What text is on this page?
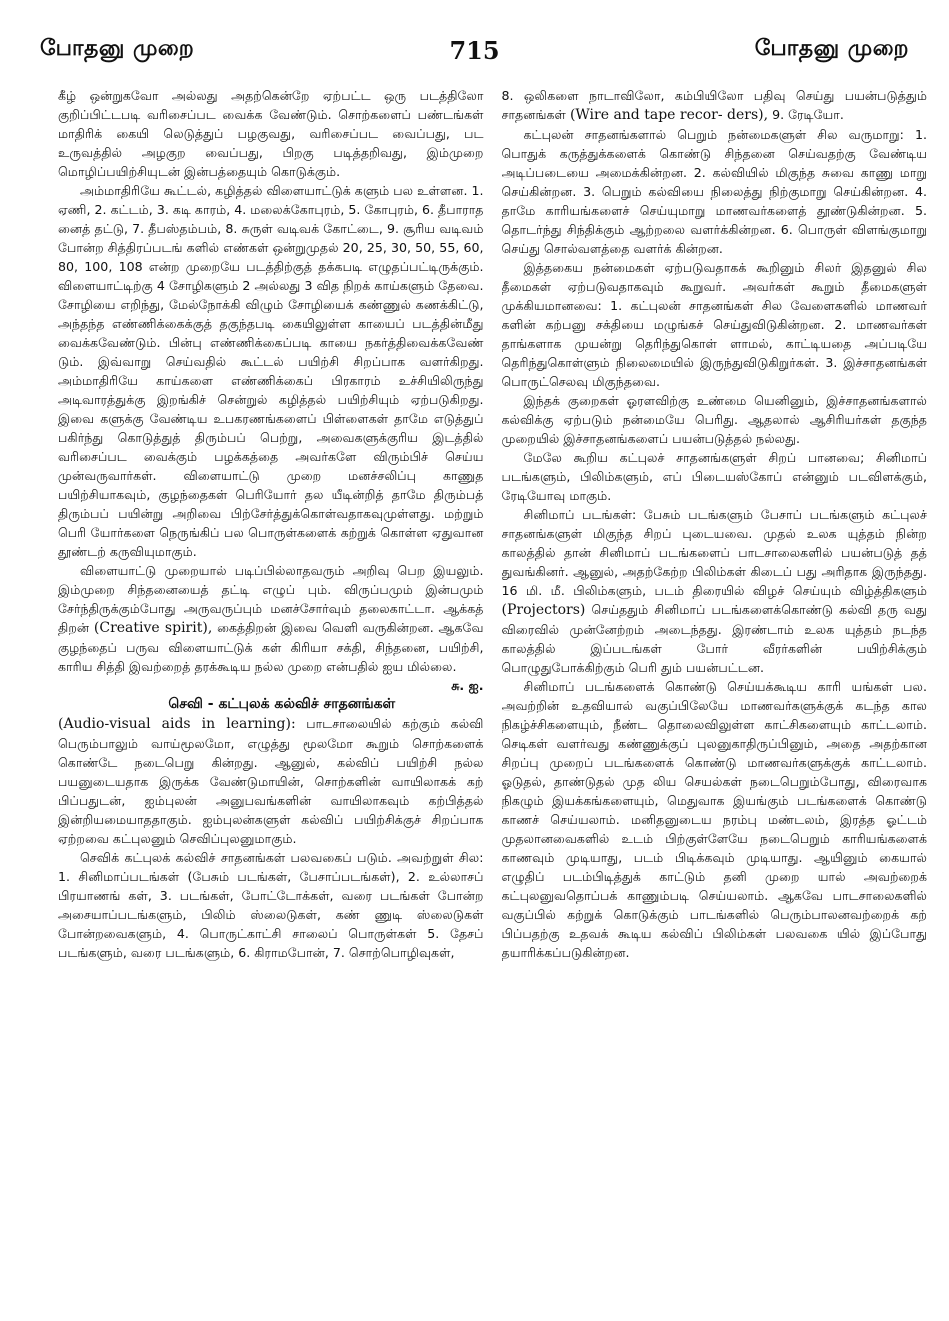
போதனு முறை	715	போதனு முறை

கீழ் ஒன்றுகவோ அல்லது அதற்கென்றே ஏற்பட்ட ஒரு படத்திலோ குறிப்பிட்டபடி வரிசைப்பட வைக்க வேண்டும். சொற்களைப் பண்டங்கள் மாதிரிக் கையி லெடுத்துப் பழகுவது, வரிசைப்பட வைப்பது, பட உருவத்தில் அழகுற வைப்பது, பிறகு படித்தறிவது, இம்முறை மொழிப்பயிற்சியுடன் இன்பத்தையும் கொடுக்கும்.

அம்மாதிரியே கூட்டல், கழித்தல் விளையாட்டுக் களும் பல உள்ளன. 1. ஏணி, 2. கட்டம், 3. கடி காரம், 4. மலைக்கோபுரம், 5. கோபுரம், 6. தீபாராத னைத் தட்டு, 7. தீபஸ்தம்பம், 8. சுருள் வடிவக் கோட்டை, 9. சூரிய வடிவம் போன்ற சித்திரப்படங் களில் எண்கள் ஒன்றுமுதல் 20, 25, 30, 50, 55, 60, 80, 100, 108 என்ற முறையே படத்திற்குத் தக்கபடி எழுதப்பட்டிருக்கும். விளையாட்டிற்கு 4 சோழிகளும் 2 அல்லது 3 வித நிறக் காய்களும் தேவை. சோழியை எறிந்து, மேல்நோக்கி விழும் சோழியைக் கண்ணுல் கணக்கிட்டு, அந்தந்த எண்ணிக்கைக்குத் தகுந்தபடி கையிலுள்ள காயைப் படத்தின்மீது வைக்கவேண்டும். பின்பு எண்ணிக்கைப்படி காயை நகர்த்திவைக்கவேண் டும். இவ்வாறு செய்வதில் கூட்டல் பயிற்சி சிறப்பாக வளர்கிறது. அம்மாதிரியே காய்களை எண்ணிக்கைப் பிரகாரம் உச்சியிலிருந்து அடிவாரத்துக்கு இறங்கிச் சென்றுல் கழித்தல் பயிற்சியும் ஏற்படுகிறது. இவை களுக்கு வேண்டிய உபகரணங்களைப் பிள்ளைகள் தாமே எடுத்துப் பகிர்ந்து கொடுத்துத் திரும்பப் பெற்று, அவைகளுக்குரிய இடத்தில் வரிசைப்பட வைக்கும் பழக்கத்தை அவர்களே விரும்பிச் செய்ய முன்வருவார்கள். விளையாட்டு முறை மனச்சலிப்பு காணுத பயிற்சியாகவும், குழந்தைகள் பெரியோர் தல யீடின்றித் தாமே திரும்பத் திரும்பப் பயின்று அறிவை பிற்சேர்த்துக்கொள்வதாகவுமுள்ளது. மற்றும் பெரி யோர்களை நெருங்கிப் பல பொருள்களைக் கற்றுக் கொள்ள ஏதுவான தூண்டற் கருவியுமாகும்.

விளையாட்டு முறையால் படிப்பில்லாதவரும் அறிவு பெற இயலும். இம்முறை சிந்தனையைத் தட்டி எழுப் பும். விருப்பமும் இன்பமும் சேர்ந்திருக்கும்போது அருவருப்பும் மனச்சோர்வும் தலைகாட்டா. ஆக்கத் திறன் (Creative spirit), கைத்திறன் இவை வெளி வருகின்றன. ஆகவே குழந்தைப் பருவ விளையாட்டுக் கள் கிரியா சக்தி, சிந்தனை, பயிற்சி, காரிய சித்தி இவற்றைத் தரக்கூடிய நல்ல முறை என்பதில் ஐய மில்லை.

சு. ஐ.

செவி - கட்புலக் கல்விச் சாதனங்கள்

(Audio-visual aids in learning): பாடசாலையில் கற்கும் கல்வி பெரும்பாலும் வாய்மூலமோ, எழுத்து மூலமோ கூறும் சொற்களைக் கொண்டே நடைபெறு கின்றது. ஆனுல், கல்விப் பயிற்சி நல்ல பயனுடையதாக இருக்க வேண்டுமாயின், சொற்களின் வாயிலாகக் கற் பிப்பதுடன், ஐம்புலன் அனுபவங்களின் வாயிலாகவும் கற்பித்தல் இன்றியமையாததாகும். ஐம்புலன்களுள் கல்விப் பயிற்சிக்குச் சிறப்பாக ஏற்றவை கட்புலனும் செவிப்புலனுமாகும்.

செவிக் கட்புலக் கல்விச் சாதனங்கள் பலவகைப் படும். அவற்றுள் சில: 1. சினிமாப்படங்கள் (பேசும் படங்கள், பேசாப்படங்கள்), 2. உல்லாசப் பிரயாணங் கள், 3. படங்கள், போட்டோக்கள், வரை படங்கள் போன்ற அசையாப்படங்களும், பிலிம் ஸ்லைடுகள், கண் ணுடி ஸ்லைடுகள் போன்றவைகளும், 4. பொருட்காட்சி சாலைப் பொருள்கள் 5. தேசப் படங்களும், வரை படங்களும், 6. கிராமபோன், 7. சொற்பொழிவுகள்,

8. ஒலிகளை நாடாவிலோ, கம்பியிலோ பதிவு செய்து பயன்படுத்தும் சாதனங்கள் (Wire and tape recor- ders), 9. ரேடியோ.

கட்புலன் சாதனங்களால் பெறும் நன்மைகளுள் சில வருமாறு: 1. பொதுக் கருத்துக்களைக் கொண்டு சிந்தனை செய்வதற்கு வேண்டிய அடிப்படையை அமைக்கின்றன. 2. கல்வியில் மிகுந்த சுவை காணு மாறு செய்கின்றன. 3. பெறும் கல்வியை நிலைத்து நிற்குமாறு செய்கின்றன. 4. தாமே காரியங்களைச் செய்யுமாறு மாணவர்களைத் தூண்டுகின்றன. 5. தொடர்ந்து சிந்திக்கும் ஆற்றலை வளர்க்கின்றன. 6. பொருள் விளங்குமாறு செய்து சொல்வளத்தை வளர்க் கின்றன.

இத்தகைய நன்மைகள் ஏற்படுவதாகக் கூறினும் சிலர் இதனுல் சில தீமைகள் ஏற்படுவதாகவும் கூறுவர். அவர்கள் கூறும் தீமைகளுள் முக்கியமானவை: 1. கட்புலன் சாதனங்கள் சில வேளைகளில் மாணவர் களின் கற்பனு சக்தியை மழுங்கச் செய்துவிடுகின்றன. 2. மாணவர்கள் தாங்களாக முயன்று தெரிந்துகொள் ளாமல், காட்டியதை அப்படியே தெரிந்துகொள்ளும் நிலைமையில் இருந்துவிடுகிறுர்கள். 3. இச்சாதனங்கள் பொருட்செலவு மிகுந்தவை.

இந்தக் குறைகள் ஓரளவிற்கு உண்மை யெனினும், இச்சாதனங்களால் கல்விக்கு ஏற்படும் நன்மையே பெரிது. ஆதலால் ஆசிரியர்கள் தகுந்த முறையில் இச்சாதனங்களைப் பயன்படுத்தல் நல்லது.

மேலே கூறிய கட்புலச் சாதனங்களுள் சிறப் பானவை; சினிமாப் படங்களும், பிலிம்களும், எப் பிடையஸ்கோப் என்னும் படவிளக்கும், ரேடியோவு மாகும்.

சினிமாப் படங்கள்: பேசும் படங்களும் பேசாப் படங்களும் கட்புலச் சாதனங்களுள் மிகுந்த சிறப் புடையவை. முதல் உலக யுத்தம் நின்ற காலத்தில் தான் சினிமாப் படங்களைப் பாடசாலைகளில் பயன்படுத் தத் துவங்கினர். ஆனுல், அதற்கேற்ற பிலிம்கள் கிடைப் பது அரிதாக இருந்தது. 16 மி. மீ. பிலிம்களும், படம் திரையில் விழச் செய்யும் விழ்த்திகளும் (Projectors) செய்ததும் சினிமாப் படங்களைக்கொண்டு கல்வி தரு வது விரைவில் முன்னேற்றம் அடைந்தது. இரண்டாம் உலக யுத்தம் நடந்த காலத்தில் இப்படங்கள் போர் வீரர்களின் பயிற்சிக்கும் பொழுதுபோக்கிற்கும் பெரி தும் பயன்பட்டன.

சினிமாப் படங்களைக் கொண்டு செய்யக்கூடிய காரி யங்கள் பல. அவற்றின் உதவியால் வகுப்பிலேயே மாணவர்களுக்குக் கடந்த கால நிகழ்ச்சிகளையும், நீண்ட தொலைவிலுள்ள காட்சிகளையும் காட்டலாம். செடிகள் வளர்வது கண்ணுக்குப் புலனுகாதிருப்பினும், அதை அதற்கான சிறப்பு முறைப் படங்களைக் கொண்டு மாணவர்களுக்குக் காட்டலாம். ஓடுதல், தாண்டுதல் முத லிய செயல்கள் நடைபெறும்போது, விரைவாக நிகழும் இயக்கங்களையும், மெதுவாக இயங்கும் படங்களைக் கொண்டு காணச் செய்யலாம். மனிதனுடைய நரம்பு மண்டலம், இரத்த ஓட்டம் முதலானவைகளில் உடம் பிற்குள்ளேயே நடைபெறும் காரியங்களைக் காணவும் முடியாது, படம் பிடிக்கவும் முடியாது. ஆயினும் கையால் எழுதிப் படம்பிடித்துக் காட்டும் தனி முறை யால் அவற்றைக் கட்புலனுவதொப்பக் காணும்படி செய்யலாம். ஆகவே பாடசாலைகளில் வகுப்பில் கற்றுக் கொடுக்கும் பாடங்களில் பெரும்பாலனவற்றைக் கற் பிப்பதற்கு உதவக் கூடிய கல்விப் பிலிம்கள் பலவகை யில் இப்போது தயாரிக்கப்படுகின்றன.
